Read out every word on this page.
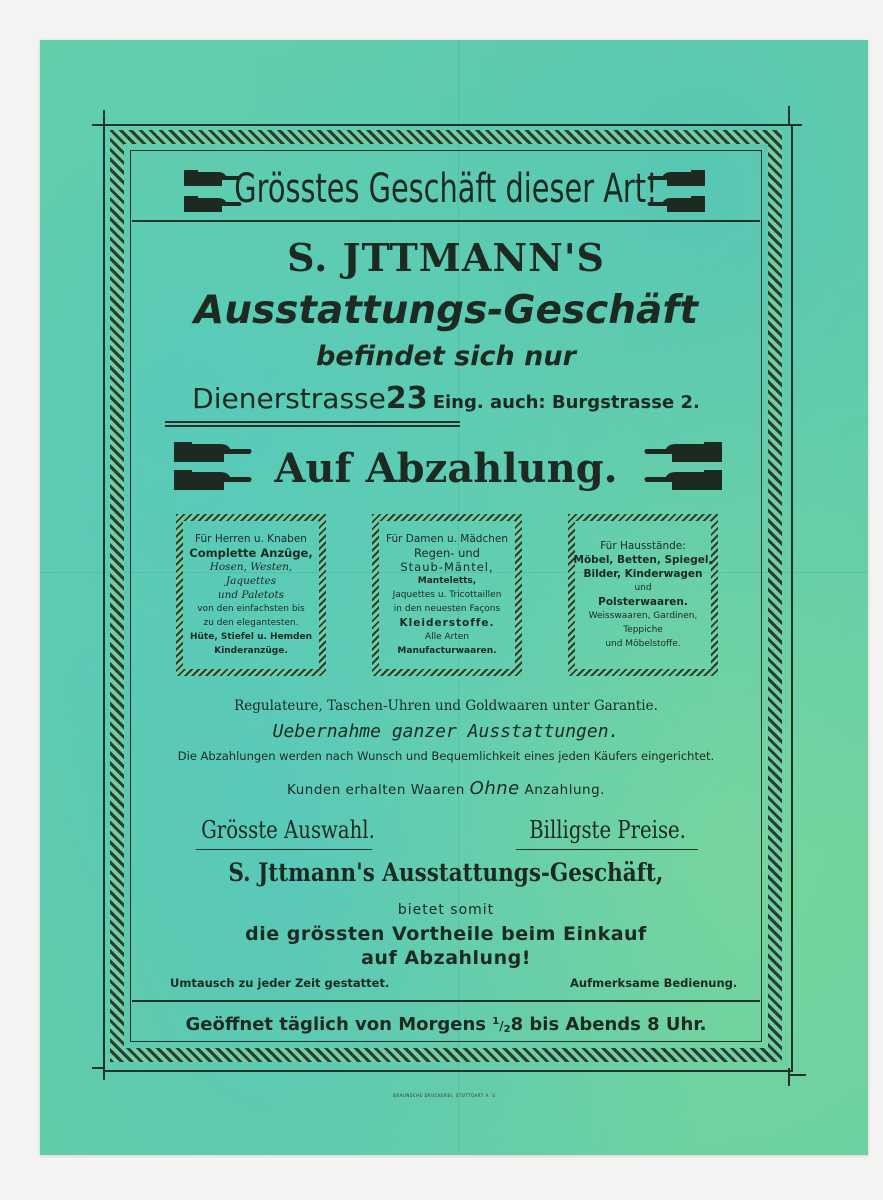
Grösstes Geschäft dieser Art!
S. JTTMANN'S
Ausstattungs-Geschäft
befindet sich nur
Dienerstrasse23 Eing. auch: Burgstrasse 2.
Auf Abzahlung.
Für Herren u. Knaben
Complette Anzüge,
Hosen, Westen,
Jaquettes
und Paletots
von den einfachsten bis
zu den elegantesten.
Hüte, Stiefel u. Hemden
Kinderanzüge.
Für Damen u. Mädchen
Regen- und
Staub-Mäntel,
Manteletts,
Jaquettes u. Tricottaillen
in den neuesten Façons
Kleiderstoffe.
Alle Arten
Manufacturwaaren.
Für Hausstände:
Möbel, Betten, Spiegel,
Bilder, Kinderwagen
und
Polsterwaaren.
Weisswaaren, Gardinen,
Teppiche
und Möbelstoffe.
Regulateure, Taschen-Uhren und Goldwaaren unter Garantie.
Uebernahme ganzer Ausstattungen.
Die Abzahlungen werden nach Wunsch und Bequemlichkeit eines jeden Käufers eingerichtet.
Kunden erhalten Waaren Ohne Anzahlung.
Grösste Auswahl.	Billigste Preise.
S. Jttmann's Ausstattungs-Geschäft,
bietet somit
die grössten Vortheile beim Einkauf
auf Abzahlung!
Umtausch zu jeder Zeit gestattet.	Aufmerksame Bedienung.
Geöffnet täglich von Morgens $^1$/28 bis Abends 8 Uhr.
BRAUNSCHE DRUCKEREI, STUTTGART A. V.
